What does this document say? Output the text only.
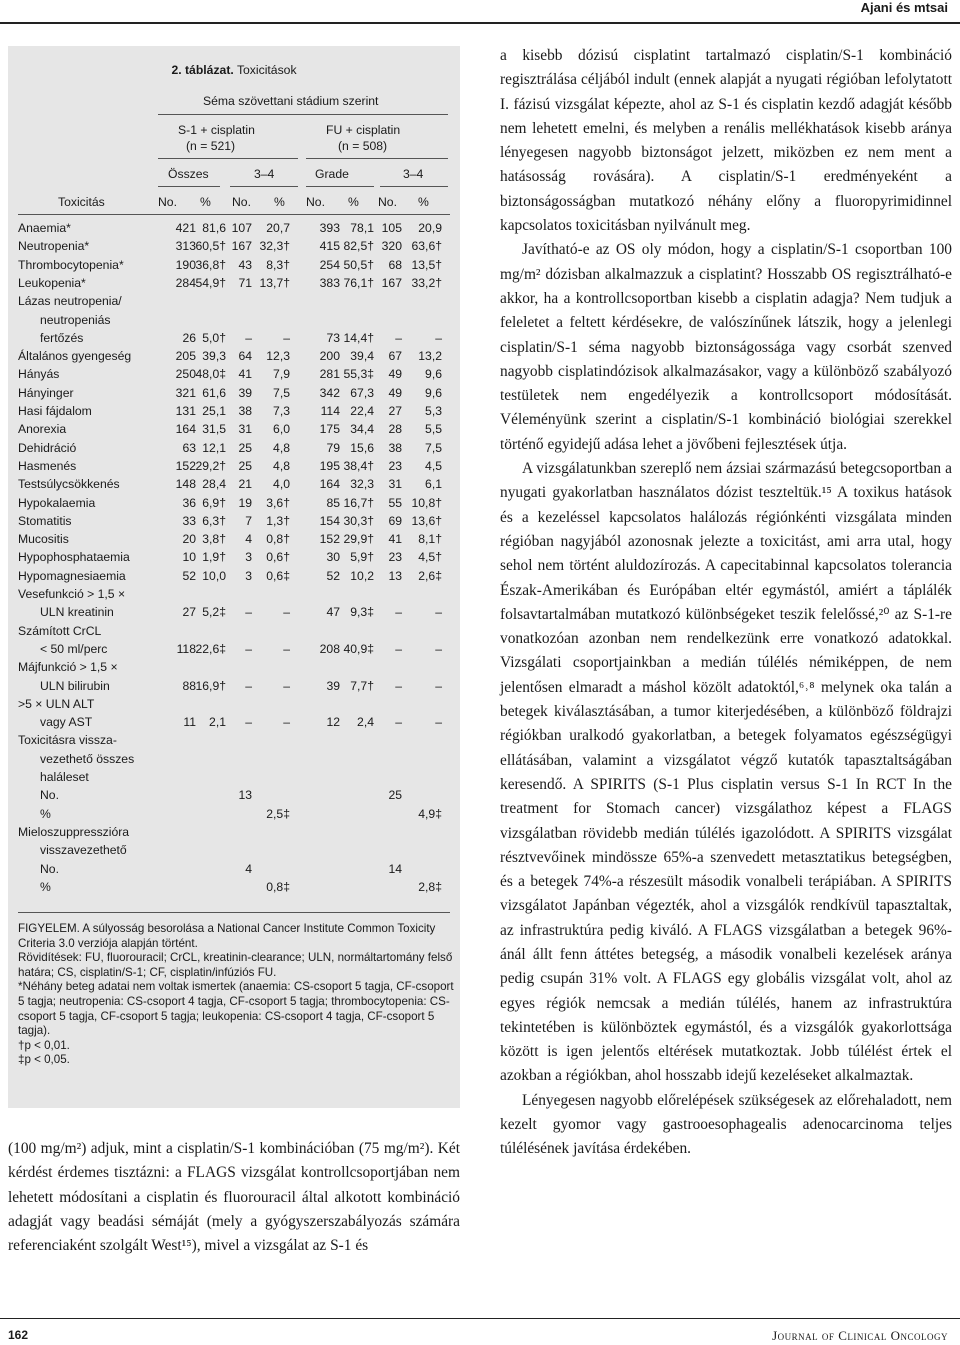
Ajani és mtsai
2. táblázat. Toxicitások
Séma szövettani stádium szerint
S-1 + cisplatin
(n = 521)
FU + cisplatin
(n = 508)
Összes	3–4	Grade	3–4
Toxicitás	No. % No. % No. % No. %
Anaemia*	421 81,6 107 20,7 393 78,1 105 20,9
Neutropenia*	313 60,5† 167 32,3† 415 82,5† 320 63,6†
Thrombocytopenia*	190 36,8† 43 8,3† 254 50,5† 68 13,5†
Leukopenia*	284 54,9† 71 13,7† 383 76,1† 167 33,2†
Lázas neutropenia/
neutropeniás
fertőzés	26 5,0† –	–	73 14,4† –	–
Általános gyengeség	205 39,3 64 12,3 200 39,4 67 13,2
Hányás	250 48,0‡ 41 7,9 281 55,3‡ 49 9,6
Hányinger	321 61,6 39 7,5 342 67,3 49 9,6
Hasi fájdalom	131 25,1 38 7,3	114 22,4 27 5,3
Anorexia	164 31,5 31 6,0 175 34,4 28 5,5
Dehidráció	63 12,1 25 4,8	79 15,6 38 7,5
Hasmenés	152 29,2† 25 4,8 195 38,4† 23 4,5
Testsúlycsökkenés	148 28,4 21 4,0 164 32,3 31 6,1
Hypokalaemia	36 6,9† 19 3,6†	85 16,7† 55 10,8†
Stomatitis	33 6,3† 7 1,3† 154 30,3† 69 13,6†
Mucositis	20 3,8† 4 0,8† 152 29,9† 41 8,1†
Hypophosphataemia	10 1,9† 3 0,6†	30 5,9† 23 4,5†
Hypomagnesiaemia	52 10,0 3 0,6‡	52 10,2 13 2,6‡
Vesefunkció > 1,5 ×
ULN kreatinin	27 5,2‡ –	–	47 9,3‡ –	–
Számított CrCL
< 50 ml/perc	118 22,6‡ –	– 208 40,9‡ –	–
Májfunkció > 1,5 ×
ULN bilirubin	88 16,9† –	–	39 7,7† –	–
>5 × ULN ALT
vagy AST	11 2,1 –	–	12 2,4 –	–
Toxicitásra vissza-
vezethető összes
haláleset
No.	13	25
%	2,5‡	4,9‡
Mieloszuppresszióra
visszavezethető
No.	4	14
%	0,8‡	2,8‡

FIGYELEM. A súlyosság besorolása a National Cancer Institute Common Toxicity Criteria 3.0 verziója alapján történt.

Rövidítések: FU, fluorouracil; CrCL, kreatinin-clearance; ULN, normáltartomány felső határa; CS, cisplatin/S-1; CF, cisplatin/infúziós FU.

*Néhány beteg adatai nem voltak ismertek (anaemia: CS-csoport 5 tagja, CF-csoport 5 tagja; neutropenia: CS-csoport 4 tagja, CF-csoport 5 tagja; thrombocytopenia: CS-csoport 5 tagja, CF-csoport 5 tagja; leukopenia: CS-csoport 4 tagja, CF-csoport 5 tagja).

†p < 0,01.

‡p < 0,05.

(100 mg/m²) adjuk, mint a cisplatin/S-1 kombinációban (75 mg/m²). Két kérdést érdemes tisztázni: a FLAGS vizsgálat kontrollcsoportjában nem lehetett módosítani a cisplatin és fluorouracil által alkotott kombináció adagját vagy beadási sémáját (mely a gyógyszerszabályozás számára referenciaként szolgált West¹⁵), mivel a vizsgálat az S-1 és

a kisebb dózisú cisplatint tartalmazó cisplatin/S-1 kombináció regisztrálása céljából indult (ennek alapját a nyugati régióban lefolytatott I. fázisú vizsgálat képezte, ahol az S-1 és cisplatin kezdő adagját később nem lehetett emelni, és melyben a renális mellékhatások kisebb aránya lényegesen nagyobb biztonságot jelzett, miközben ez nem ment a hatásosság rovására). A cisplatin/S-1 eredményeként a biztonságosságban mutatkozó néhány előny a fluoropyrimidinnel kapcsolatos toxicitásban nyilvánult meg.

Javítható-e az OS oly módon, hogy a cisplatin/S-1 csoportban 100 mg/m² dózisban alkalmazzuk a cisplatint? Hosszabb OS regisztrálható-e akkor, ha a kontrollcsoportban kisebb a cisplatin adagja? Nem tudjuk a feleletet a feltett kérdésekre, de valószínűnek látszik, hogy a jelenlegi cisplatin/S-1 séma nagyobb biztonságossága vagy csorbát szenved nagyobb cisplatindózisok alkalmazásakor, vagy a különböző szabályozó testületek nem engedélyezik a kontrollcsoport módosítását. Véleményünk szerint a cisplatin/S-1 kombináció biológiai szerekkel történő egyidejű adása lehet a jövőbeni fejlesztések útja.

A vizsgálatunkban szereplő nem ázsiai származású betegcsoportban a nyugati gyakorlatban használatos dózist teszteltük.¹⁵ A toxikus hatások és a kezeléssel kapcsolatos halálozás régiónkénti vizsgálata minden régióban nagyjából azonosnak jelezte a toxicitást, ami arra utal, hogy sehol nem történt aluldozírozás. A capecitabinnal kapcsolatos tolerancia Észak-Amerikában és Európában eltér egymástól, amiért a táplálék folsavtartalmában mutatkozó különbségeket teszik felelőssé,²⁰ az S-1-re vonatkozóan azonban nem rendelkezünk erre vonatkozó adatokkal. Vizsgálati csoportjainkban a medián túlélés némiképpen, de nem jelentősen elmaradt a máshol közölt adatoktól,⁶˒⁸ melynek oka talán a betegek kiválasztásában, a tumor kiterjedésében, a különböző földrajzi régiókban uralkodó gyakorlatban, a betegek folyamatos egészségügyi ellátásában, valamint a vizsgálatot végző kutatók tapasztaltságában keresendő. A SPIRITS (S-1 Plus cisplatin versus S-1 In RCT In the treatment for Stomach cancer) vizsgálathoz képest a FLAGS vizsgálatban rövidebb medián túlélés igazolódott. A SPIRITS vizsgálat résztvevőinek mindössze 65%-a szenvedett metasztatikus betegségben, és a betegek 74%-a részesült második vonalbeli terápiában. A SPIRITS vizsgálatot Japánban végezték, ahol a vizsgálók rendkívül tapasztaltak, az infrastruktúra pedig kiváló. A FLAGS vizsgálatban a betegek 96%-ánál állt fenn áttétes betegség, a második vonalbeli kezelések aránya pedig csupán 31% volt. A FLAGS egy globális vizsgálat volt, ahol az egyes régiók nemcsak a medián túlélés, hanem az infrastruktúra tekintetében is különböztek egymástól, és a vizsgálók gyakorlottsága között is igen jelentős eltérések mutatkoztak. Jobb túlélést értek el azokban a régiókban, ahol hosszabb idejű kezeléseket alkalmaztak.

Lényegesen nagyobb előrelépések szükségesek az előrehaladott, nem kezelt gyomor vagy gastrooesophagealis adenocarcinoma teljes túlélésének javítása érdekében.

162	Journal of Clinical Oncology
